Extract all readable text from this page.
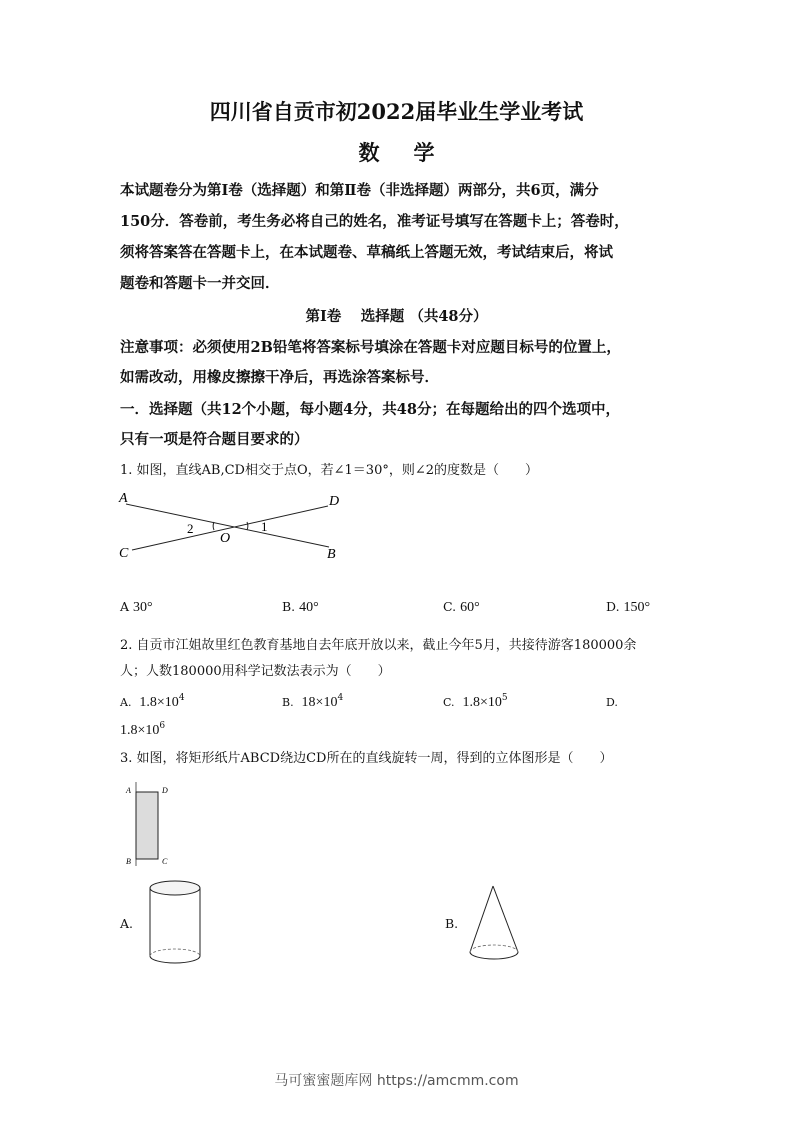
四川省自贡市初2022届毕业生学业考试
数学
本试题卷分为第Ⅰ卷（选择题）和第Ⅱ卷（非选择题）两部分，共6页，满分
150分．答卷前，考生务必将自己的姓名，准考证号填写在答题卡上；答卷时，
须将答案答在答题卡上，在本试题卷、草稿纸上答题无效，考试结束后，将试
题卷和答题卡一并交回．
第Ⅰ卷　 选择题 （共48分）
注意事项：必须使用2B铅笔将答案标号填涂在答题卡对应题目标号的位置上，
如需改动，用橡皮擦擦干净后，再选涂答案标号．
一．选择题（共12个小题，每小题4分，共48分；在每题给出的四个选项中，
只有一项是符合题目要求的）
1. 如图，直线AB,CD相交于点O，若∠1＝30°，则∠2的度数是（　　）
A	D
C	B
O
2	1
A 30°	B. 40°	C. 60°	D. 150°
2. 自贡市江姐故里红色教育基地自去年底开放以来，截止今年5月，共接待游客180000余
人；人数180000用科学记数法表示为（　　）
A. $1.8\times 10^4$	B. $18\times 10^4$	C. $1.8\times 10^5$	D.
$1.8\times 10^6$
3. 如图，将矩形纸片ABCD绕边CD所在的直线旋转一周，得到的立体图形是（　　）
A	D
B	C
A.	B.
马可蜜蜜题库网 https://amcmm.com
